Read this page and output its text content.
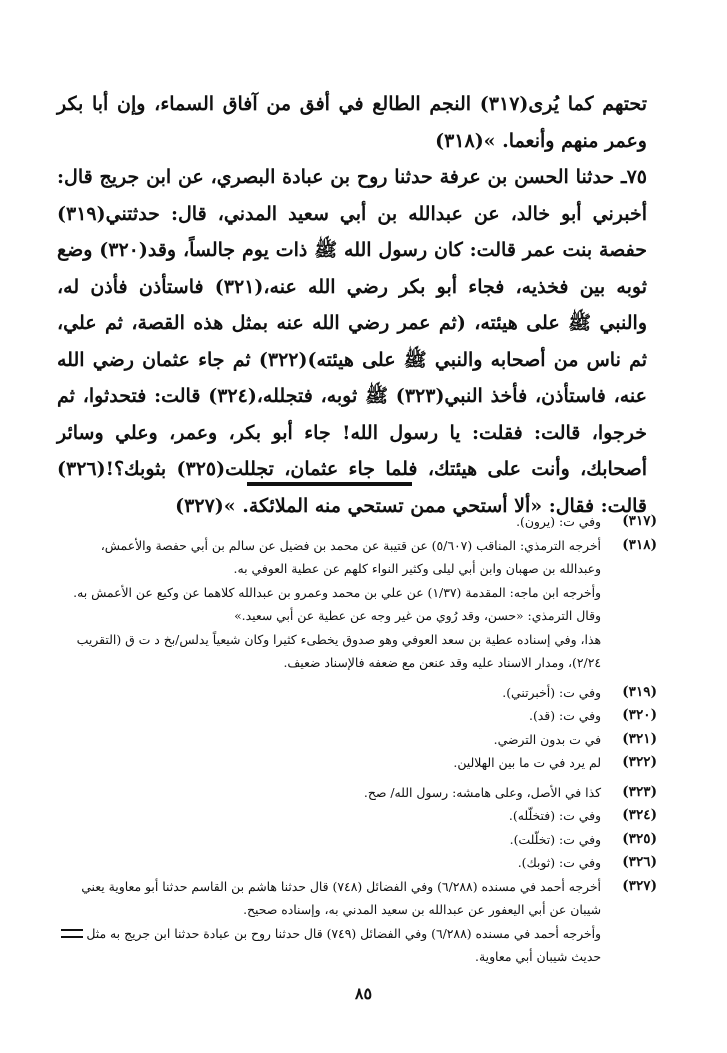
تحتهم كما يُرى(٣١٧) النجم الطالع في أفق من آفاق السماء، وإن أبا بكر وعمر منهم وأنعما. »(٣١٨)

٧٥ـ حدثنا الحسن بن عرفة حدثنا روح بن عبادة البصري، عن ابن جريج قال: أخبرني أبو خالد، عن عبدالله بن أبي سعيد المدني، قال: حدثتني(٣١٩) حفصة بنت عمر قالت: كان رسول الله ﷺ ذات يوم جالساً، وقد(٣٢٠) وضع ثوبه بين فخذيه، فجاء أبو بكر رضي الله عنه،(٣٢١) فاستأذن فأذن له، والنبي ﷺ على هيئته، (ثم عمر رضي الله عنه بمثل هذه القصة، ثم علي، ثم ناس من أصحابه والنبي ﷺ على هيئته)(٣٢٢) ثم جاء عثمان رضي الله عنه، فاستأذن، فأخذ النبي(٣٢٣) ﷺ ثوبه، فتجلله،(٣٢٤) قالت: فتحدثوا، ثم خرجوا، قالت: فقلت: يا رسول الله! جاء أبو بكر، وعمر، وعلي وسائر أصحابك، وأنت على هيئتك، فلما جاء عثمان، تجللت(٣٢٥) بثوبك؟!(٣٢٦) قالت: فقال: «ألا أستحي ممن تستحي منه الملائكة. »(٣٢٧)

(٣١٧)

وفي ت: (يرون).

(٣١٨)

أخرجه الترمذي: المناقب (٥/٦٠٧) عن قتيبة عن محمد بن فضيل عن سالم بن أبي حفصة والأعمش،

وعبدالله بن صهبان وابن أبي ليلى وكثير النواء كلهم عن عطية العوفي به.

وأخرجه ابن ماجه: المقدمة (١/٣٧) عن علي بن محمد وعمرو بن عبدالله كلاهما عن وكيع عن الأعمش به.

وقال الترمذي: «حسن، وقد رُوي من غير وجه عن عطية عن أبي سعيد.»

هذا، وفي إسناده عطية بن سعد العوفي وهو صدوق يخطىء كثيرا وكان شيعياً يدلس/بخ د ت ق (التقريب

٢/٢٤)، ومدار الاسناد عليه وقد عنعن مع ضعفه فالإسناد ضعيف.

(٣١٩)

وفي ت: (أخبرتني).

(٣٢٠)

وفي ت: (قد).

(٣٢١)

في ت بدون الترضي.

(٣٢٢)

لم يرد في ت ما بين الهلالين.

(٣٢٣)

كذا في الأصل، وعلى هامشه: رسول الله/ صح.

(٣٢٤)

وفي ت: (فتخلّله).

(٣٢٥)

وفي ت: (تخلّلت).

(٣٢٦)

وفي ت: (ثوبك).

(٣٢٧)

أخرجه أحمد في مسنده (٦/٢٨٨) وفي الفضائل (٧٤٨) قال حدثنا هاشم بن القاسم حدثنا أبو معاوية يعني

شيبان عن أبي اليعفور عن عبدالله بن سعيد المدني به، وإسناده صحيح.

وأخرجه أحمد في مسنده (٦/٢٨٨) وفي الفضائل (٧٤٩) قال حدثنا روح بن عبادة حدثنا ابن جريج به مثل

حديث شيبان أبي معاوية.

٨٥
